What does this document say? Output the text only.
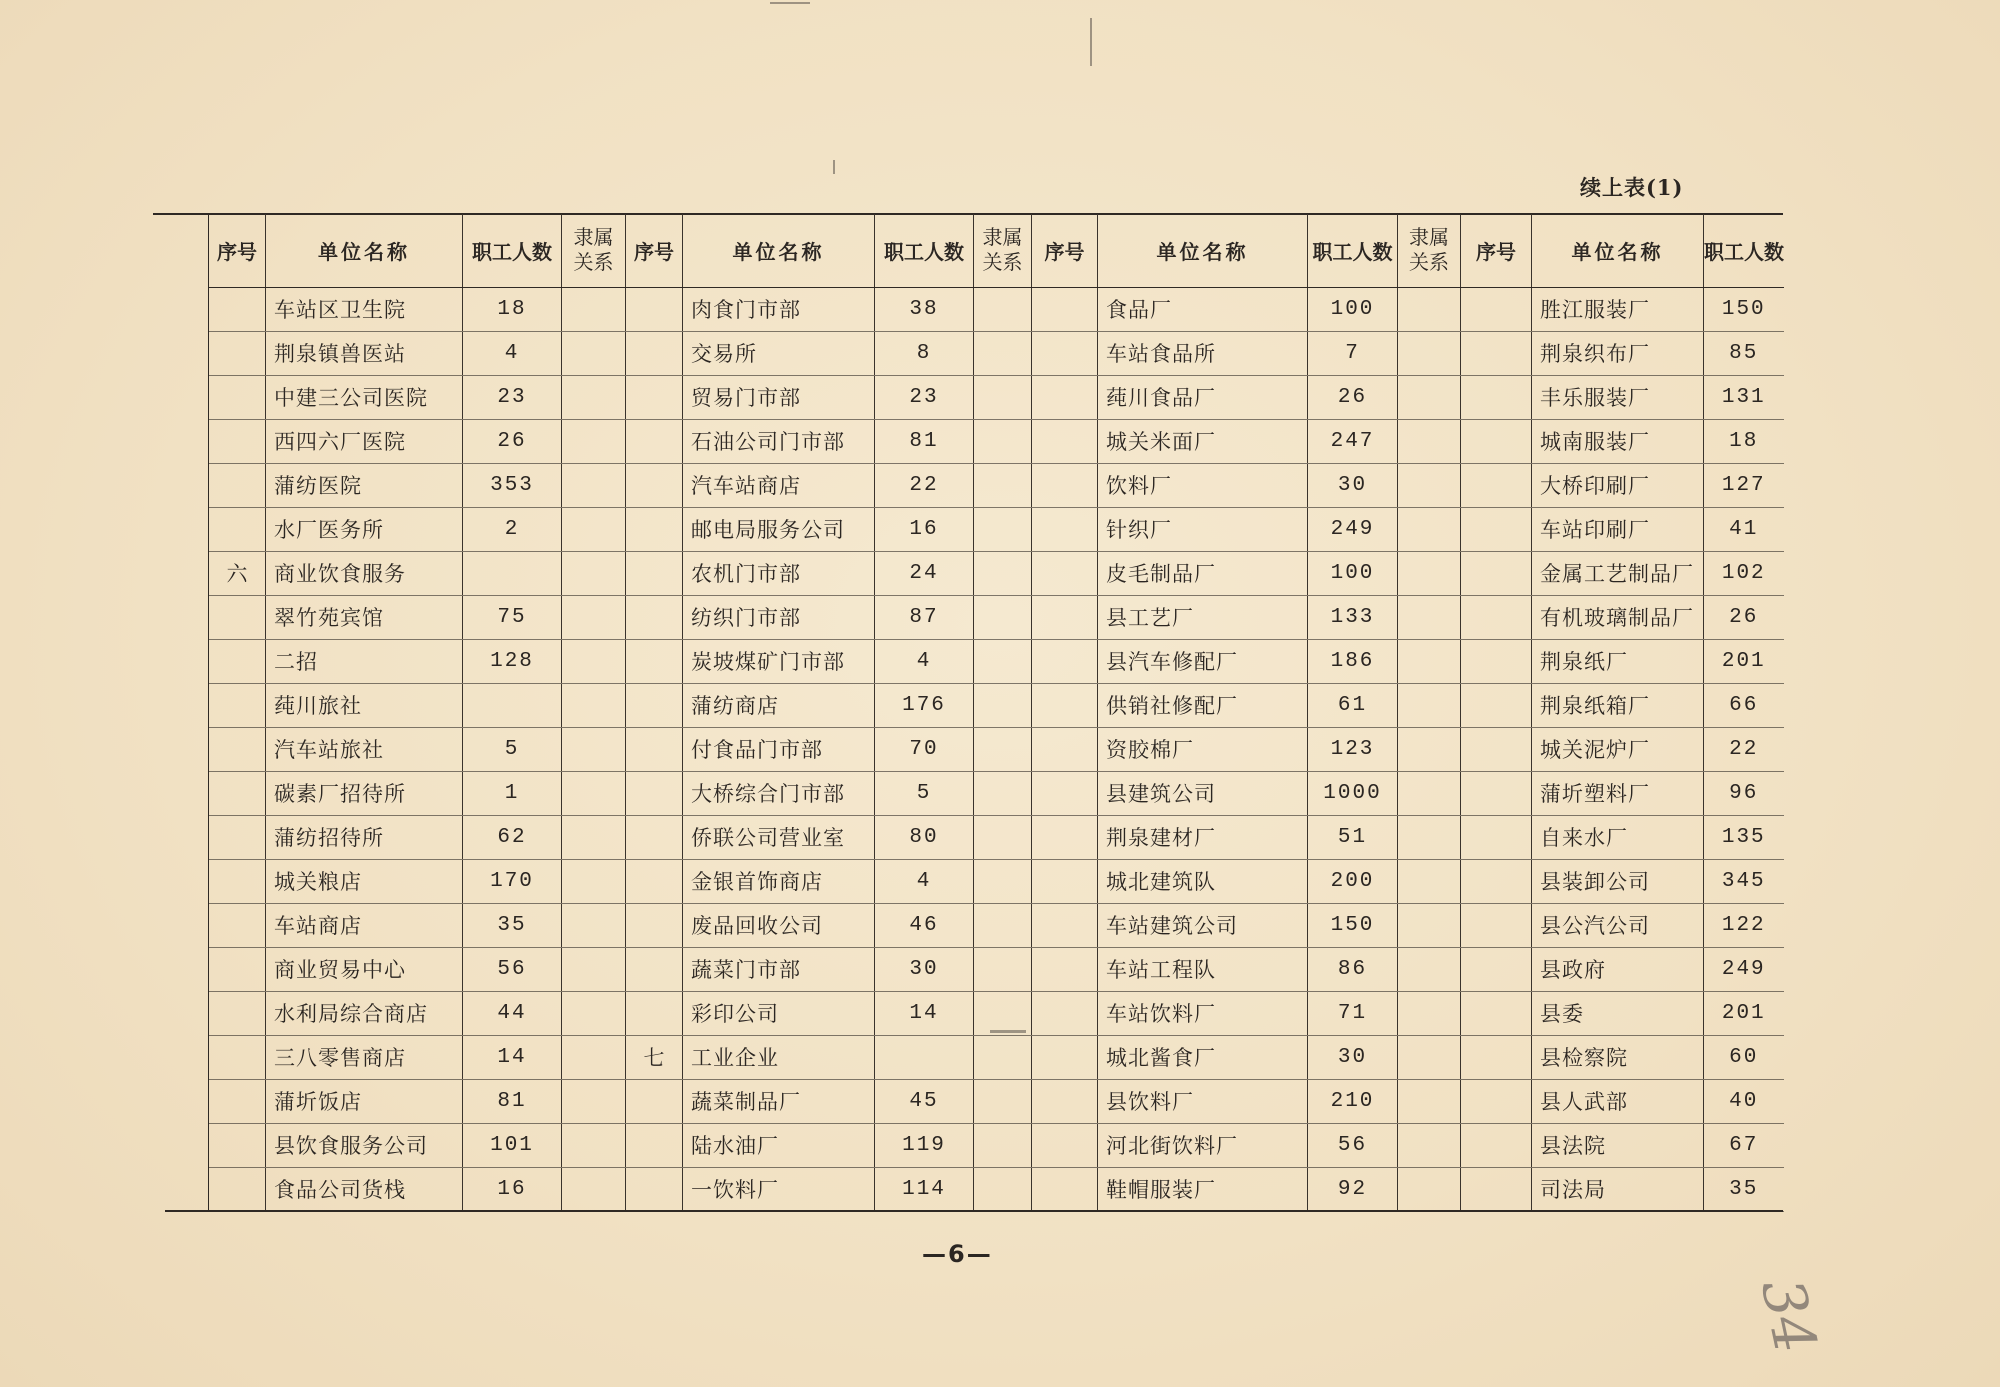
续上表(1)
序号	单位名称	职工人数	隶属关系	序号	单位名称	职工人数	隶属关系	序号	单位名称	职工人数	隶属关系	序号	单位名称	职工人数
	车站区卫生院	18			肉食门市部	38			食品厂	100			胜江服装厂	150
	荆泉镇兽医站	4			交易所	8			车站食品所	7			荆泉织布厂	85
	中建三公司医院	23			贸易门市部	23			莼川食品厂	26			丰乐服装厂	131
	西四六厂医院	26			石油公司门市部	81			城关米面厂	247			城南服装厂	18
	蒲纺医院	353			汽车站商店	22			饮料厂	30			大桥印刷厂	127
	水厂医务所	2			邮电局服务公司	16			针织厂	249			车站印刷厂	41
六	商业饮食服务				农机门市部	24			皮毛制品厂	100			金属工艺制品厂	102
	翠竹苑宾馆	75			纺织门市部	87			县工艺厂	133			有机玻璃制品厂	26
	二招	128			炭坡煤矿门市部	4			县汽车修配厂	186			荆泉纸厂	201
	莼川旅社				蒲纺商店	176			供销社修配厂	61			荆泉纸箱厂	66
	汽车站旅社	5			付食品门市部	70			资胶棉厂	123			城关泥炉厂	22
	碳素厂招待所	1			大桥综合门市部	5			县建筑公司	1000			蒲圻塑料厂	96
	蒲纺招待所	62			侨联公司营业室	80			荆泉建材厂	51			自来水厂	135
	城关粮店	170			金银首饰商店	4			城北建筑队	200			县装卸公司	345
	车站商店	35			废品回收公司	46			车站建筑公司	150			县公汽公司	122
	商业贸易中心	56			蔬菜门市部	30			车站工程队	86			县政府	249
	水利局综合商店	44			彩印公司	14			车站饮料厂	71			县委	201
	三八零售商店	14		七	工业企业				城北酱食厂	30			县检察院	60
	蒲圻饭店	81			蔬菜制品厂	45			县饮料厂	210			县人武部	40
	县饮食服务公司	101			陆水油厂	119			河北街饮料厂	56			县法院	67
	食品公司货栈	16			一饮料厂	114			鞋帽服装厂	92			司法局	35
—6—
34
